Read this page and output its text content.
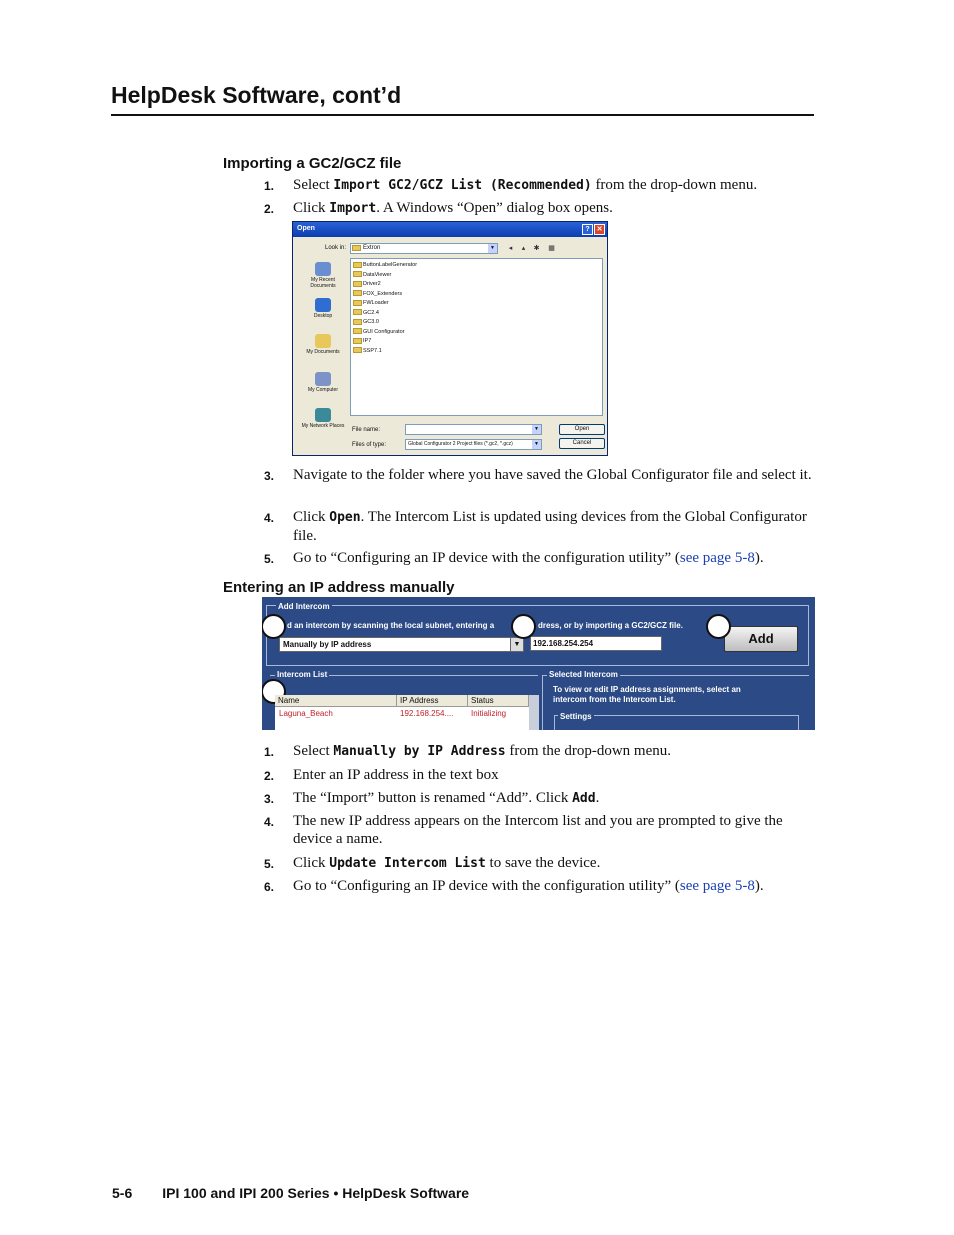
HelpDesk Software, cont’d
Importing a GC2/GCZ file
1. Select Import GC2/GCZ List (Recommended) from the drop-down menu.
2. Click Import. A Windows “Open” dialog box opens.
Open	? ✕
Look in:	Extron	▼	◂	▴	✱	▦
My Recent Documents
Desktop
My Documents
My Computer
My Network Places
ButtonLabelGenerator
DataViewer
Driver2
FOX_Extenders
FWLoader
GC2.4
GC3.0
GUI Configurator
IP7
SSP7.1
File name:	▼
Files of type:	Global Configurator 2 Project files (*.gc2, *.gcz)	▼
Open
Cancel
3. Navigate to the folder where you have saved the Global Configurator file and select it.
4. Click Open. The Intercom List is updated using devices from the Global Configurator file.
5. Go to “Configuring an IP device with the configuration utility” (see page 5-8).
Entering an IP address manually
Add Intercom
d an intercom by scanning the local subnet, entering a	dress, or by importing a GC2/GCZ file.
Manually by IP address	▼	192.168.254.254	Add
Intercom List
Name	IP Address	Status
Laguna_Beach	192.168.254.... Initializing
Selected Intercom
To view or edit IP address assignments, select an
intercom from the Intercom List.
Settings
1. Select Manually by IP Address from the drop-down menu.
2. Enter an IP address in the text box
3. The “Import” button is renamed “Add”. Click Add.
4. The new IP address appears on the Intercom list and you are prompted to give the device a name.
5. Click Update Intercom List to save the device.
6. Go to “Configuring an IP device with the configuration utility” (see page 5-8).
5-6 IPI 100 and IPI 200 Series • HelpDesk Software
